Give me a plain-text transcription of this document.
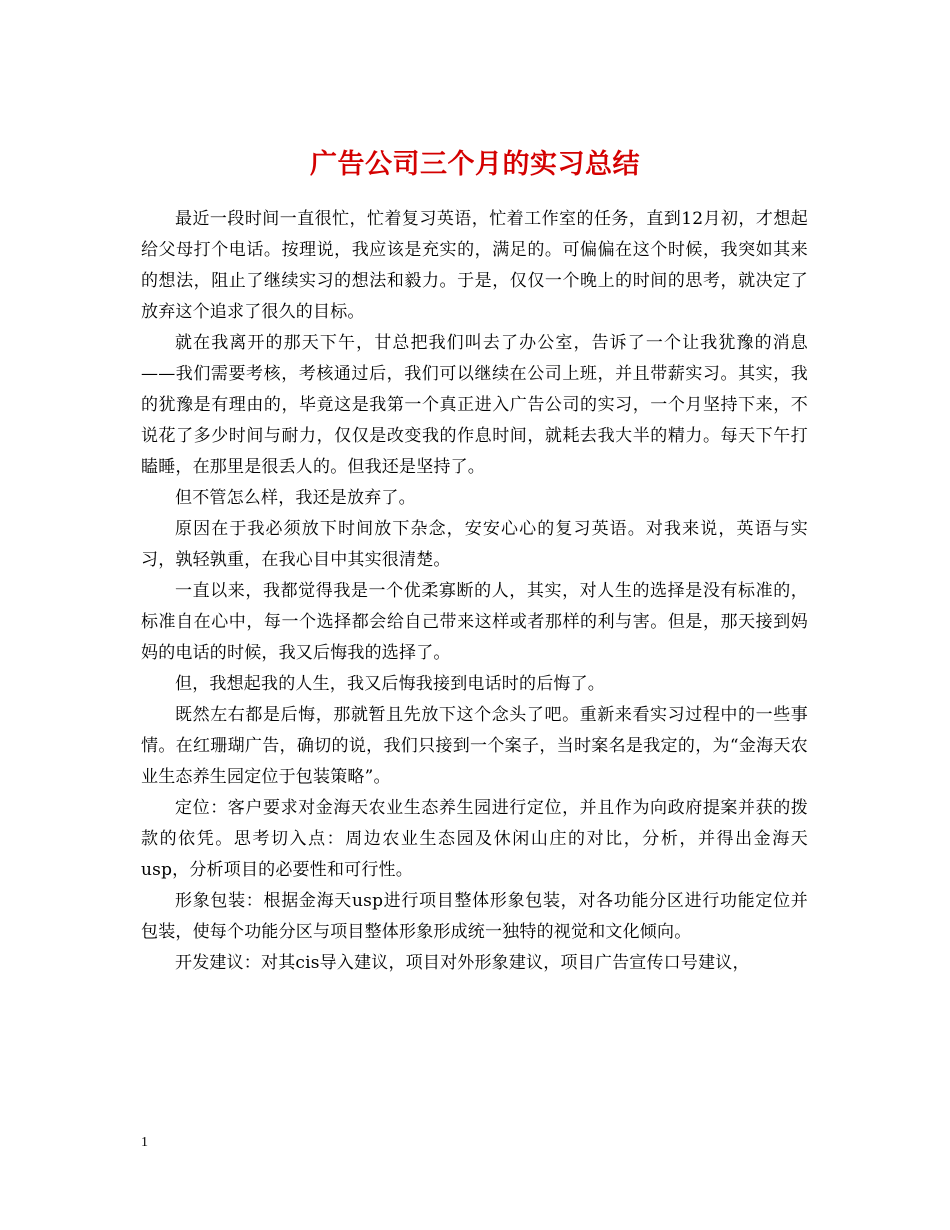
广告公司三个月的实习总结

最近一段时间一直很忙，忙着复习英语，忙着工作室的任务，直到12月初，才想起给父母打个电话。按理说，我应该是充实的，满足的。可偏偏在这个时候，我突如其来的想法，阻止了继续实习的想法和毅力。于是，仅仅一个晚上的时间的思考，就决定了放弃这个追求了很久的目标。

就在我离开的那天下午，甘总把我们叫去了办公室，告诉了一个让我犹豫的消息——我们需要考核，考核通过后，我们可以继续在公司上班，并且带薪实习。其实，我的犹豫是有理由的，毕竟这是我第一个真正进入广告公司的实习，一个月坚持下来，不说花了多少时间与耐力，仅仅是改变我的作息时间，就耗去我大半的精力。每天下午打瞌睡，在那里是很丢人的。但我还是坚持了。

但不管怎么样，我还是放弃了。

原因在于我必须放下时间放下杂念，安安心心的复习英语。对我来说，英语与实习，孰轻孰重，在我心目中其实很清楚。

一直以来，我都觉得我是一个优柔寡断的人，其实，对人生的选择是没有标准的，标准自在心中，每一个选择都会给自己带来这样或者那样的利与害。但是，那天接到妈妈的电话的时候，我又后悔我的选择了。

但，我想起我的人生，我又后悔我接到电话时的后悔了。

既然左右都是后悔，那就暂且先放下这个念头了吧。重新来看实习过程中的一些事情。在红珊瑚广告，确切的说，我们只接到一个案子，当时案名是我定的，为“金海天农业生态养生园定位于包装策略”。

定位：客户要求对金海天农业生态养生园进行定位，并且作为向政府提案并获的拨款的依凭。思考切入点：周边农业生态园及休闲山庄的对比，分析，并得出金海天usp，分析项目的必要性和可行性。

形象包装：根据金海天usp进行项目整体形象包装，对各功能分区进行功能定位并包装，使每个功能分区与项目整体形象形成统一独特的视觉和文化倾向。

开发建议：对其cis导入建议，项目对外形象建议，项目广告宣传口号建议，

1
